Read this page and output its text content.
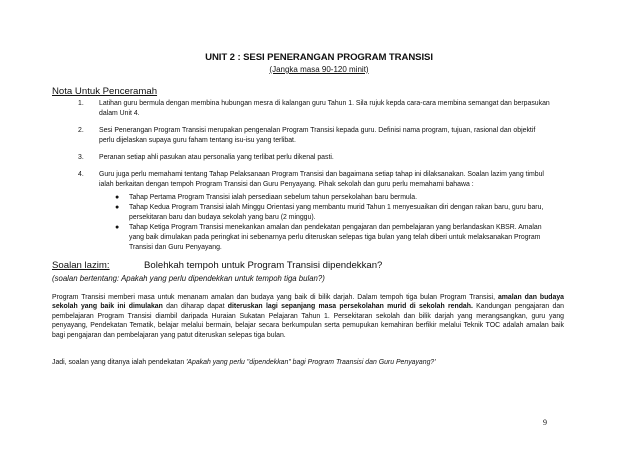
UNIT 2 : SESI PENERANGAN PROGRAM TRANSISI
(Jangka masa 90-120 minit)
Nota Untuk Penceramah
1. Latihan guru bermula dengan membina hubungan mesra di kalangan guru Tahun 1. Sila rujuk kepda cara-cara membina semangat dan berpasukan dalam Unit 4.
2. Sesi Penerangan Program Transisi merupakan pengenalan Program Transisi kepada guru. Definisi nama program, tujuan, rasional dan objektif perlu dijelaskan supaya guru faham tentang isu-isu yang terlibat.
3. Peranan setiap ahli pasukan atau personalia yang terlibat perlu dikenal pasti.
4. Guru juga perlu memahami tentang Tahap Pelaksanaan Program Transisi dan bagaimana setiap tahap ini dilaksanakan. Soalan lazim yang timbul ialah berkaitan dengan tempoh Program Transisi dan Guru Penyayang. Pihak sekolah dan guru perlu memahami bahawa :
● Tahap Pertama Program Transisi ialah persediaan sebelum tahun persekolahan baru bermula.
● Tahap Kedua Program Transisi ialah Minggu Orientasi yang membantu murid Tahun 1 menyesuaikan diri dengan rakan baru, guru baru, persekitaran baru dan budaya sekolah yang baru (2 minggu).
● Tahap Ketiga Program Transisi menekankan amalan dan pendekatan pengajaran dan pembelajaran yang berlandaskan KBSR. Amalan yang baik dimulakan pada peringkat ini sebenarnya perlu diteruskan selepas tiga bulan yang telah diberi untuk melaksanakan Program Transisi dan Guru Penyayang.
Soalan lazim:	Bolehkah tempoh untuk Program Transisi dipendekkan?
(soalan bertentang: Apakah yang perlu dipendekkan untuk tempoh tiga bulan?)
Program Transisi memberi masa untuk menanam amalan dan budaya yang baik di bilik darjah. Dalam tempoh tiga bulan Program Transisi, amalan dan budaya sekolah yang baik ini dimulakan dan diharap dapat diteruskan lagi sepanjang masa persekolahan murid di sekolah rendah. Kandungan pengajaran dan pembelajaran Program Transisi diambil daripada Huraian Sukatan Pelajaran Tahun 1. Persekitaran sekolah dan bilik darjah yang merangsangkan, guru yang penyayang, Pendekatan Tematik, belajar melalui bermain, belajar secara berkumpulan serta pemupukan kemahiran berfikir melalui Teknik TOC adalah amalan baik bagi pengajaran dan pembelajaran yang patut diteruskan selepas tiga bulan.
Jadi, soalan yang ditanya ialah pendekatan 'Apakah yang perlu "dipendekkan" bagi Program Traansisi dan Guru Penyayang?'
9
